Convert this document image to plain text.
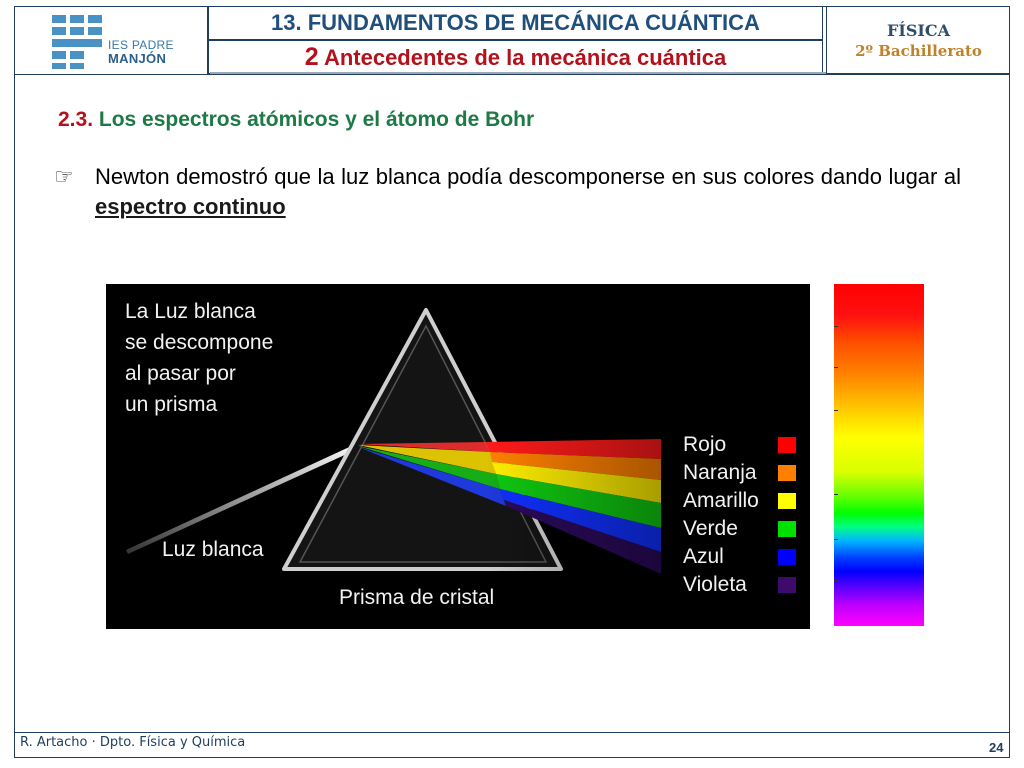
IES PADRE
MANJÓN
13. FUNDAMENTOS DE MECÁNICA CUÁNTICA
2 Antecedentes de la mecánica cuántica
FÍSICA
2º Bachillerato
2.3. Los espectros atómicos y el átomo de Bohr
☞ Newton demostró que la luz blanca podía descomponerse en sus colores dando lugar al espectro continuo
La Luz blanca
se descompone
al pasar por
un prisma
Luz blanca
Prisma de cristal
Rojo
Naranja
Amarillo
Verde
Azul
Violeta
R. Artacho · Dpto. Física y Química	24
